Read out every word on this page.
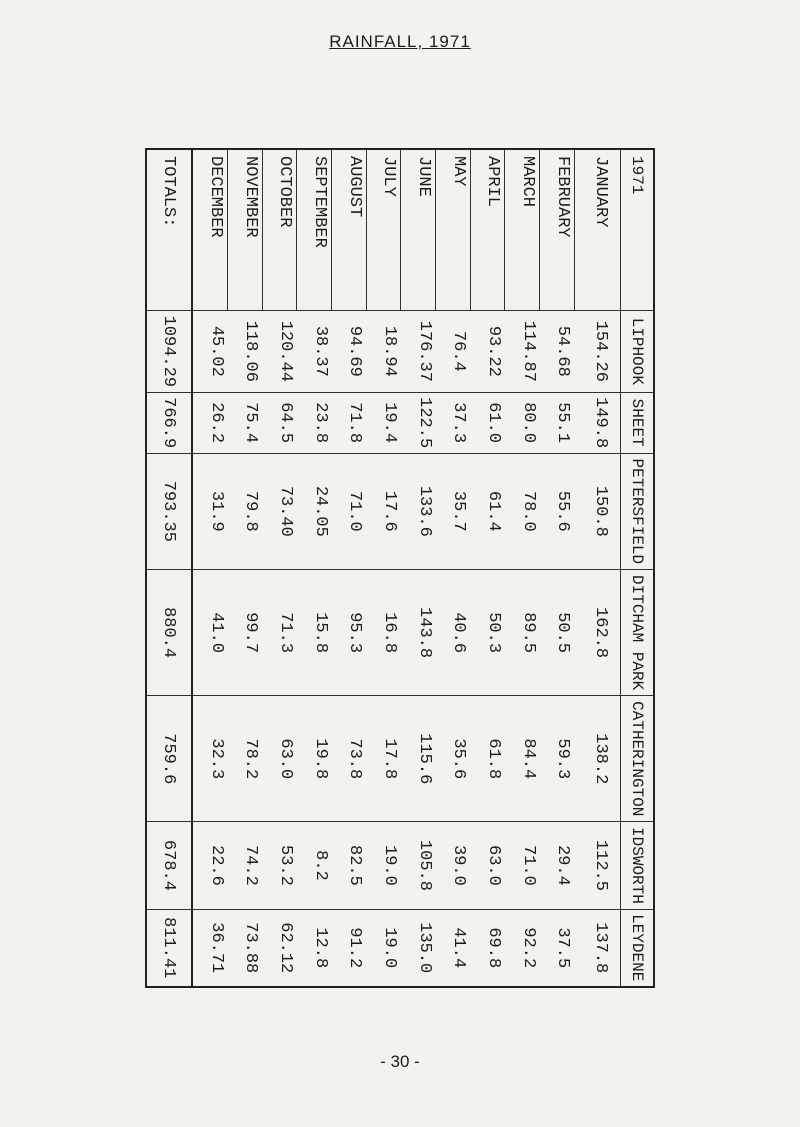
RAINFALL, 1971
1971	LIPHOOK	SHEET	PETERSFIELD	DITCHAM PARK	CATHERINGTON	IDSWORTH	LEYDENE
JANUARY	154.26	149.8	150.8	162.8	138.2	112.5	137.8
FEBRUARY	54.68	55.1	55.6	50.5	59.3	29.4	37.5
MARCH	114.87	80.0	78.0	89.5	84.4	71.0	92.2
APRIL	93.22	61.0	61.4	50.3	61.8	63.0	69.8
MAY	76.4	37.3	35.7	40.6	35.6	39.0	41.4
JUNE	176.37	122.5	133.6	143.8	115.6	105.8	135.0
JULY	18.94	19.4	17.6	16.8	17.8	19.0	19.0
AUGUST	94.69	71.8	71.0	95.3	73.8	82.5	91.2
SEPTEMBER	38.37	23.8	24.05	15.8	19.8	8.2	12.8
OCTOBER	120.44	64.5	73.40	71.3	63.0	53.2	62.12
NOVEMBER	118.06	75.4	79.8	99.7	78.2	74.2	73.88
DECEMBER	45.02	26.2	31.9	41.0	32.3	22.6	36.71
TOTALS:	1094.29	766.9	793.35	880.4	759.6	678.4	811.41
- 30 -
